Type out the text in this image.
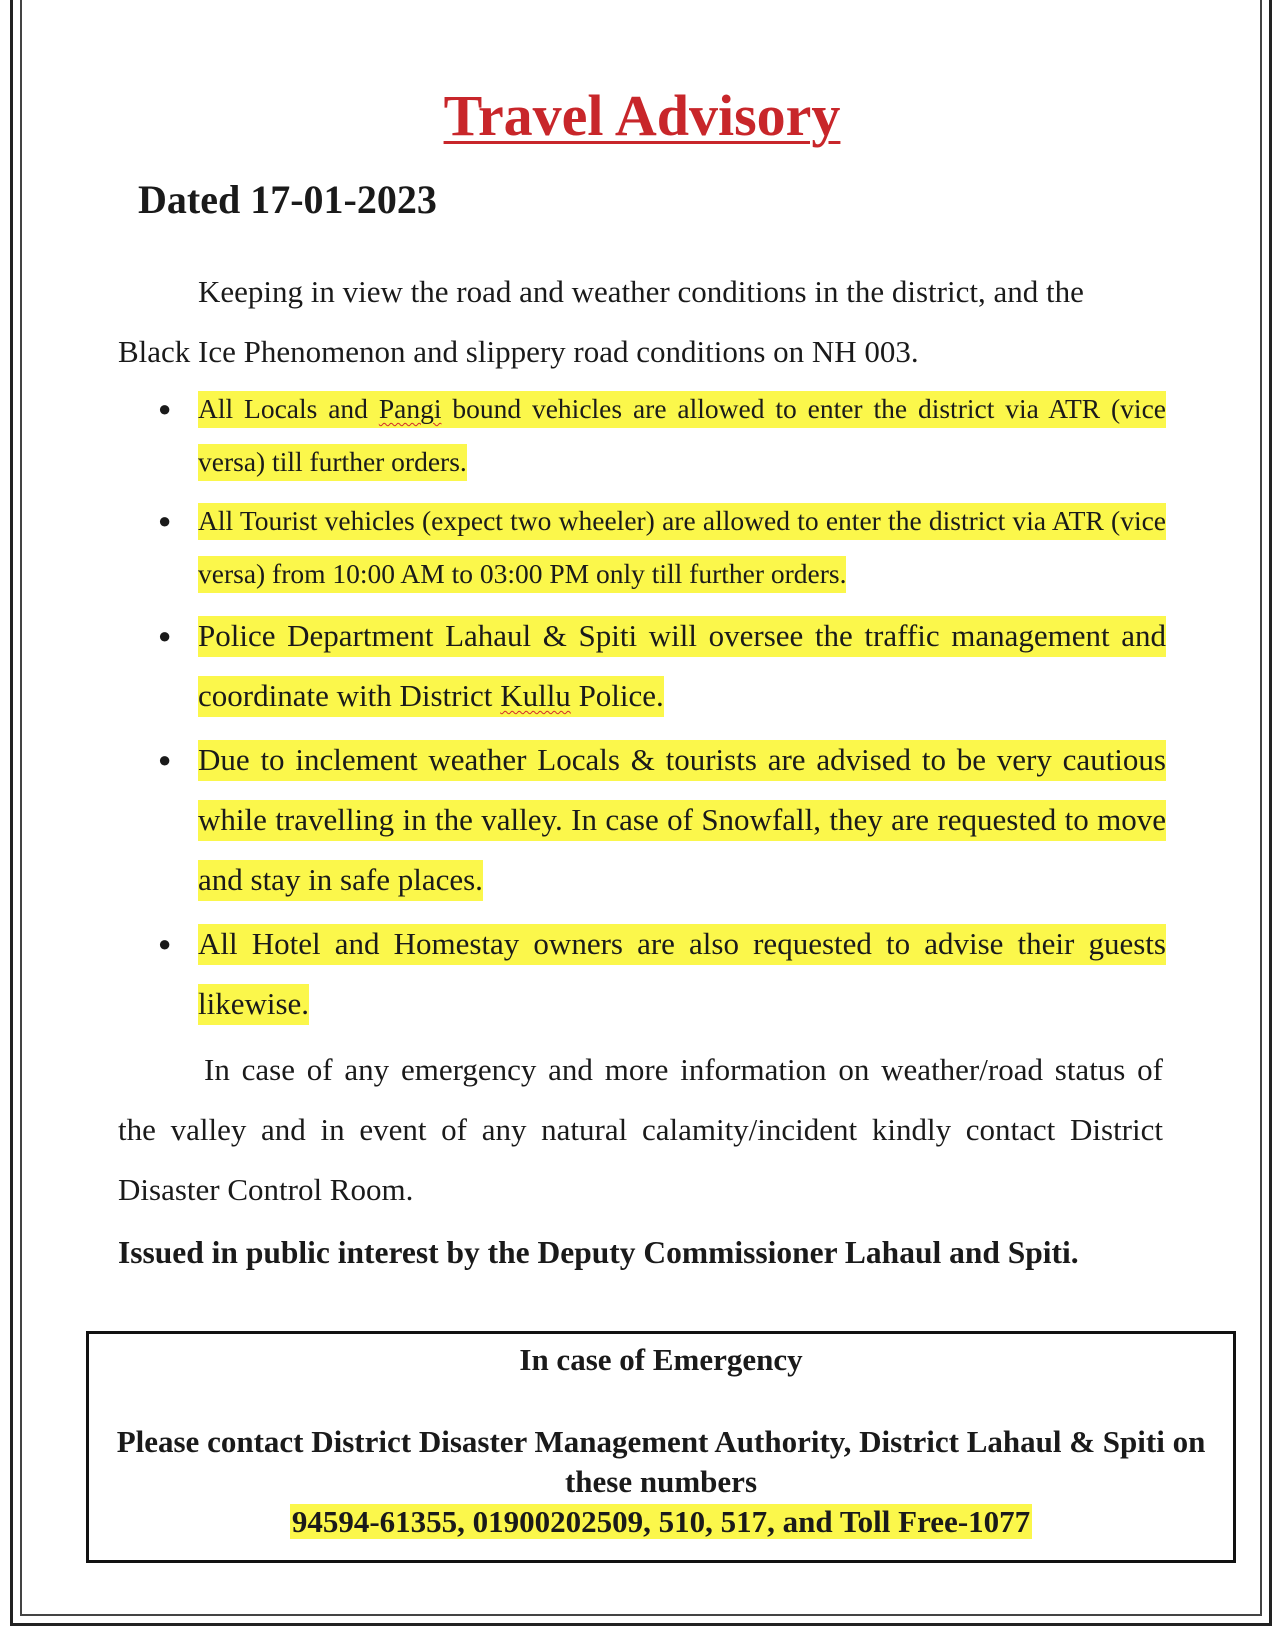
Travel Advisory

Dated 17-01-2023

Keeping in view the road and weather conditions in the district, and the Black Ice Phenomenon and slippery road conditions on NH 003.

● All Locals and Pangi bound vehicles are allowed to enter the district via ATR (vice versa) till further orders.
● All Tourist vehicles (expect two wheeler) are allowed to enter the district via ATR (vice versa) from 10:00 AM to 03:00 PM only till further orders.
● Police Department Lahaul & Spiti will oversee the traffic management and coordinate with District Kullu Police.
● Due to inclement weather Locals & tourists are advised to be very cautious while travelling in the valley. In case of Snowfall, they are requested to move and stay in safe places.
● All Hotel and Homestay owners are also requested to advise their guests likewise.

In case of any emergency and more information on weather/road status of the valley and in event of any natural calamity/incident kindly contact District Disaster Control Room.

Issued in public interest by the Deputy Commissioner Lahaul and Spiti.

In case of Emergency

Please contact District Disaster Management Authority, District Lahaul & Spiti on these numbers

94594-61355, 01900202509, 510, 517, and Toll Free-1077
